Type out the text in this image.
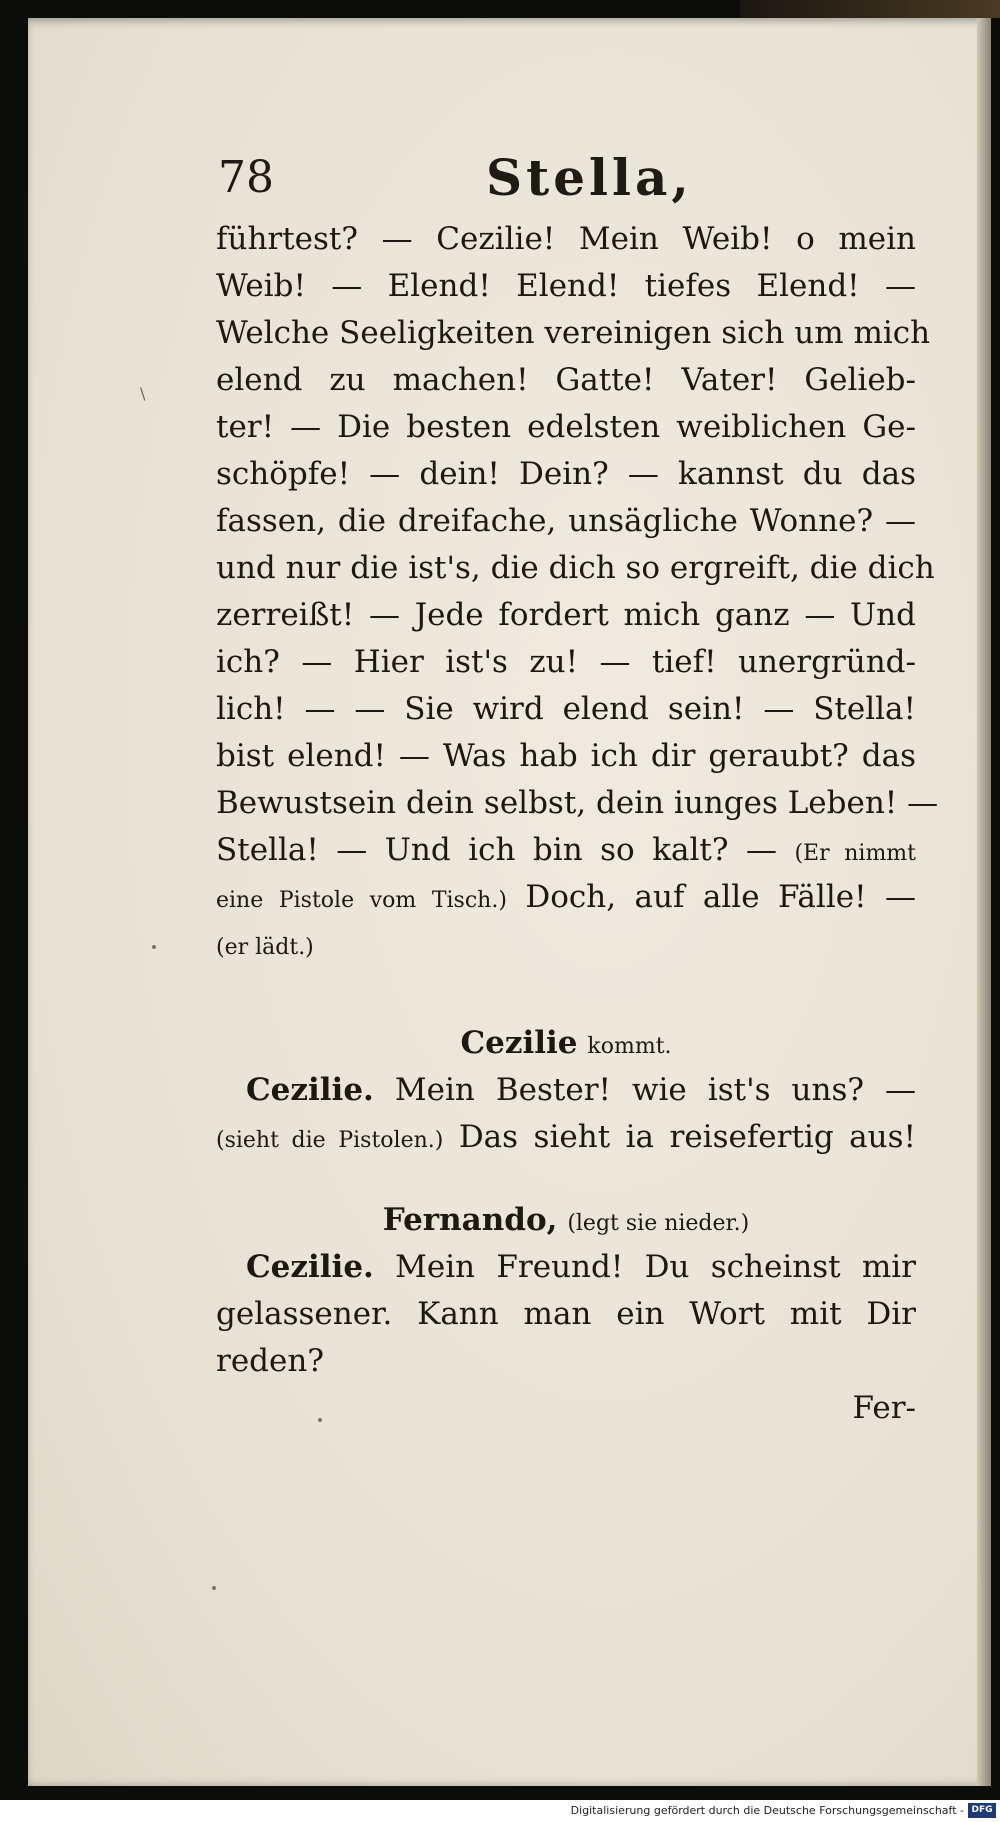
78	Stella,
\
führtest? — Cezilie! Mein Weib! o mein
Weib! — Elend! Elend! tiefes Elend! —
Welche Seeligkeiten vereinigen sich um mich
elend zu machen! Gatte! Vater! Gelieb-
ter! — Die besten edelsten weiblichen Ge-
schöpfe! — dein! Dein? — kannst du das
fassen, die dreifache, unsägliche Wonne? —
und nur die ist's, die dich so ergreift, die dich
zerreißt! — Jede fordert mich ganz — Und
ich? — Hier ist's zu! — tief! unergründ-
lich! — — Sie wird elend sein! — Stella!
bist elend! — Was hab ich dir geraubt? das
Bewustsein dein selbst, dein iunges Leben! —
Stella! — Und ich bin so kalt? — (Er nimmt
eine Pistole vom Tisch.) Doch, auf alle Fälle! —
(er lädt.)
Cezilie kommt.
Cezilie. Mein Bester! wie ist's uns? —
(sieht die Pistolen.) Das sieht ia reisefertig aus!
Fernando, (legt sie nieder.)
Cezilie. Mein Freund! Du scheinst mir
gelassener. Kann man ein Wort mit Dir
reden?
Fer-
Digitalisierung gefördert durch die Deutsche Forschungsgemeinschaft - DFG
